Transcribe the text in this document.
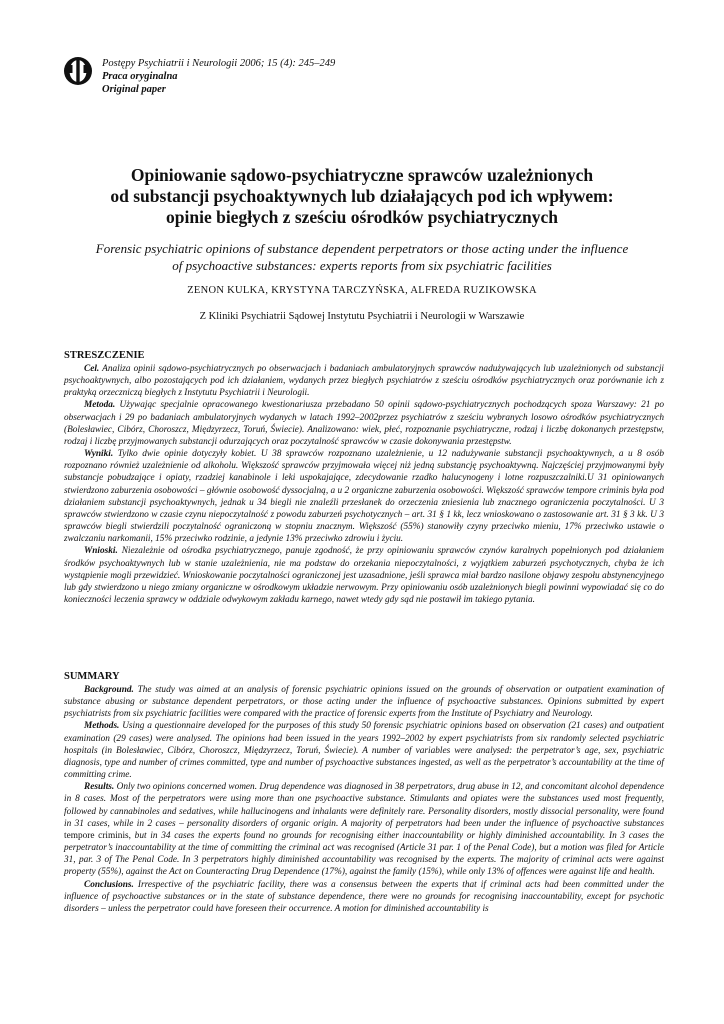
Postępy Psychiatrii i Neurologii 2006; 15 (4): 245–249
Praca oryginalna
Original paper
Opiniowanie sądowo-psychiatryczne sprawców uzależnionych
od substancji psychoaktywnych lub działających pod ich wpływem:
opinie biegłych z sześciu ośrodków psychiatrycznych
Forensic psychiatric opinions of substance dependent perpetrators or those acting under the influence
of psychoactive substances: experts reports from six psychiatric facilities
ZENON KULKA, KRYSTYNA TARCZYŃSKA, ALFREDA RUZIKOWSKA
Z Kliniki Psychiatrii Sądowej Instytutu Psychiatrii i Neurologii w Warszawie
STRESZCZENIE

Cel. Analiza opinii sądowo-psychiatrycznych po obserwacjach i badaniach ambulatoryjnych sprawców nadużywających lub uzależnionych od substancji psychoaktywnych, albo pozostających pod ich działaniem, wydanych przez biegłych psychiatrów z sześciu ośrodków psychiatrycznych oraz porównanie ich z praktyką orzeczniczą biegłych z Instytutu Psychiatrii i Neurologii.

Metoda. Używając specjalnie opracowanego kwestionariusza przebadano 50 opinii sądowo-psychiatrycznych pochodzących spoza Warszawy: 21 po obserwacjach i 29 po badaniach ambulatoryjnych wydanych w latach 1992–2002przez psychiatrów z sześciu wybranych losowo ośrodków psychiatrycznych (Bolesławiec, Cibórz, Choroszcz, Międzyrzecz, Toruń, Świecie). Analizowano: wiek, płeć, rozpoznanie psychiatryczne, rodzaj i liczbę dokonanych przestępstw, rodzaj i liczbę przyjmowanych substancji odurzających oraz poczytalność sprawców w czasie dokonywania przestępstw.

Wyniki. Tylko dwie opinie dotyczyły kobiet. U 38 sprawców rozpoznano uzależnienie, u 12 nadużywanie substancji psychoaktywnych, a u 8 osób rozpoznano również uzależnienie od alkoholu. Większość sprawców przyjmowała więcej niż jedną substancję psychoaktywną. Najczęściej przyjmowanymi były substancje pobudzające i opiaty, rzadziej kanabinole i leki uspokajające, zdecydowanie rzadko halucynogeny i lotne rozpuszczalniki.U 31 opiniowanych stwierdzono zaburzenia osobowości – głównie osobowość dyssocjalną, a u 2 organiczne zaburzenia osobowości. Większość sprawców tempore criminis była pod działaniem substancji psychoaktywnych, jednak u 34 biegli nie znaleźli przesłanek do orzeczenia zniesienia lub znacznego ograniczenia poczytalności. U 3 sprawców stwierdzono w czasie czynu niepoczytalność z powodu zaburzeń psychotycznych – art. 31 § 1 kk, lecz wnioskowano o zastosowanie art. 31 § 3 kk. U 3 sprawców biegli stwierdzili poczytalność ograniczoną w stopniu znacznym. Większość (55%) stanowiły czyny przeciwko mieniu, 17% przeciwko ustawie o zwalczaniu narkomanii, 15% przeciwko rodzinie, a jedynie 13% przeciwko zdrowiu i życiu.

Wnioski. Niezależnie od ośrodka psychiatrycznego, panuje zgodność, że przy opiniowaniu sprawców czynów karalnych popełnionych pod działaniem środków psychoaktywnych lub w stanie uzależnienia, nie ma podstaw do orzekania niepoczytalności, z wyjątkiem zaburzeń psychotycznych, chyba że ich wystąpienie mogli przewidzieć. Wnioskowanie poczytalności ograniczonej jest uzasadnione, jeśli sprawca miał bardzo nasilone objawy zespołu abstynencyjnego lub gdy stwierdzono u niego zmiany organiczne w ośrodkowym układzie nerwowym. Przy opiniowaniu osób uzależnionych biegli powinni wypowiadać się co do konieczności leczenia sprawcy w oddziale odwykowym zakładu karnego, nawet wtedy gdy sąd nie postawił im takiego pytania.

SUMMARY

Background. The study was aimed at an analysis of forensic psychiatric opinions issued on the grounds of observation or outpatient examination of substance abusing or substance dependent perpetrators, or those acting under the influence of psychoactive substances. Opinions submitted by expert psychiatrists from six psychiatric facilities were compared with the practice of forensic experts from the Institute of Psychiatry and Neurology.

Methods. Using a questionnaire developed for the purposes of this study 50 forensic psychiatric opinions based on observation (21 cases) and outpatient examination (29 cases) were analysed. The opinions had been issued in the years 1992–2002 by expert psychiatrists from six randomly selected psychiatric hospitals (in Bolesławiec, Cibórz, Choroszcz, Międzyrzecz, Toruń, Świecie). A number of variables were analysed: the perpetrator’s age, sex, psychiatric diagnosis, type and number of crimes committed, type and number of psychoactive substances ingested, as well as the perpetrator’s accountability at the time of committing crime.

Results. Only two opinions concerned women. Drug dependence was diagnosed in 38 perpetrators, drug abuse in 12, and concomitant alcohol dependence in 8 cases. Most of the perpetrators were using more than one psychoactive substance. Stimulants and opiates were the substances used most frequently, followed by cannabinoles and sedatives, while hallucinogens and inhalants were definitely rare. Personality disorders, mostly dissocial personality, were found in 31 cases, while in 2 cases – personality disorders of organic origin. A majority of perpetrators had been under the influence of psychoactive substances tempore criminis, but in 34 cases the experts found no grounds for recognising either inaccountability or highly diminished accountability. In 3 cases the perpetrator’s inaccountability at the time of committing the criminal act was recognised (Article 31 par. 1 of the Penal Code), but a motion was filed for Article 31, par. 3 of The Penal Code. In 3 perpetrators highly diminished accountability was recognised by the experts. The majority of criminal acts were against property (55%), against the Act on Counteracting Drug Dependence (17%), against the family (15%), while only 13% of offences were against life and health.

Conclusions. Irrespective of the psychiatric facility, there was a consensus between the experts that if criminal acts had been committed under the influence of psychoactive substances or in the state of substance dependence, there were no grounds for recognising inaccountability, except for psychotic disorders – unless the perpetrator could have foreseen their occurrence. A motion for diminished accountability is
